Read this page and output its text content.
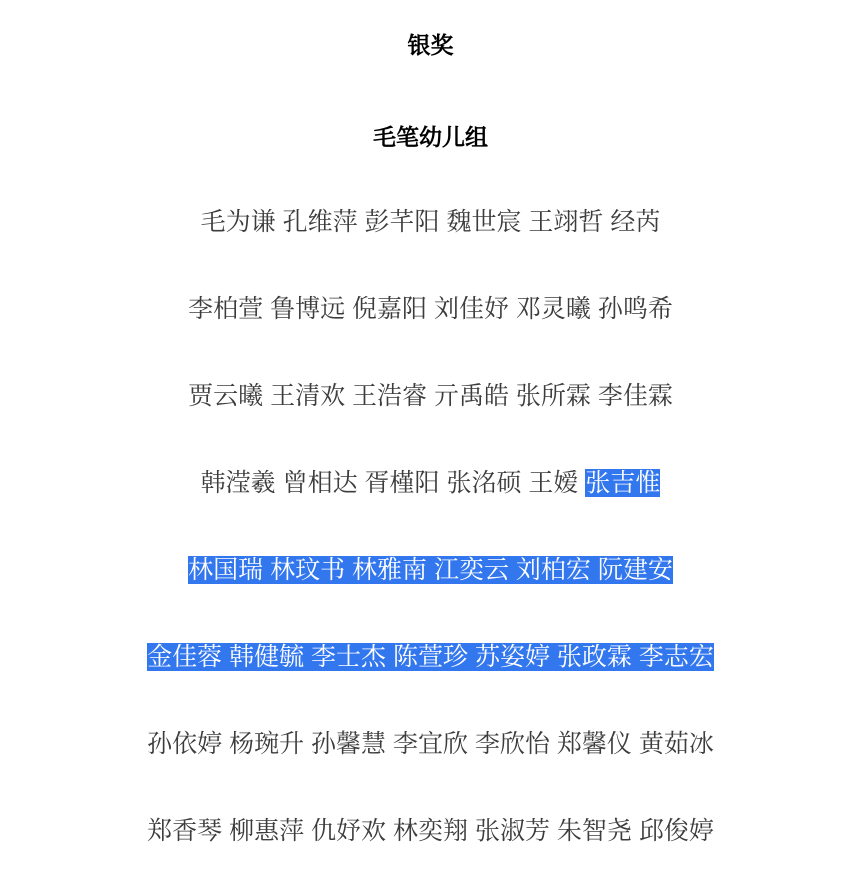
银奖
毛笔幼儿组
毛为谦 孔维萍 彭芊阳 魏世宸 王翊哲 经芮
李柏萱 鲁博远 倪嘉阳 刘佳妤 邓灵曦 孙鸣希
贾云曦 王清欢 王浩睿 亓禹皓 张所霖 李佳霖
韩滢羲 曾相达 胥槿阳 张洺硕 王嫒 张吉惟
林国瑞 林玟书 林雅南 江奕云 刘柏宏 阮建安
金佳蓉 韩健毓 李士杰 陈萱珍 苏姿婷 张政霖 李志宏
孙依婷 杨琬升 孙馨慧 李宜欣 李欣怡 郑馨仪 黄茹冰
郑香琴 柳惠萍 仇妤欢 林奕翔 张淑芳 朱智尧 邱俊婷
